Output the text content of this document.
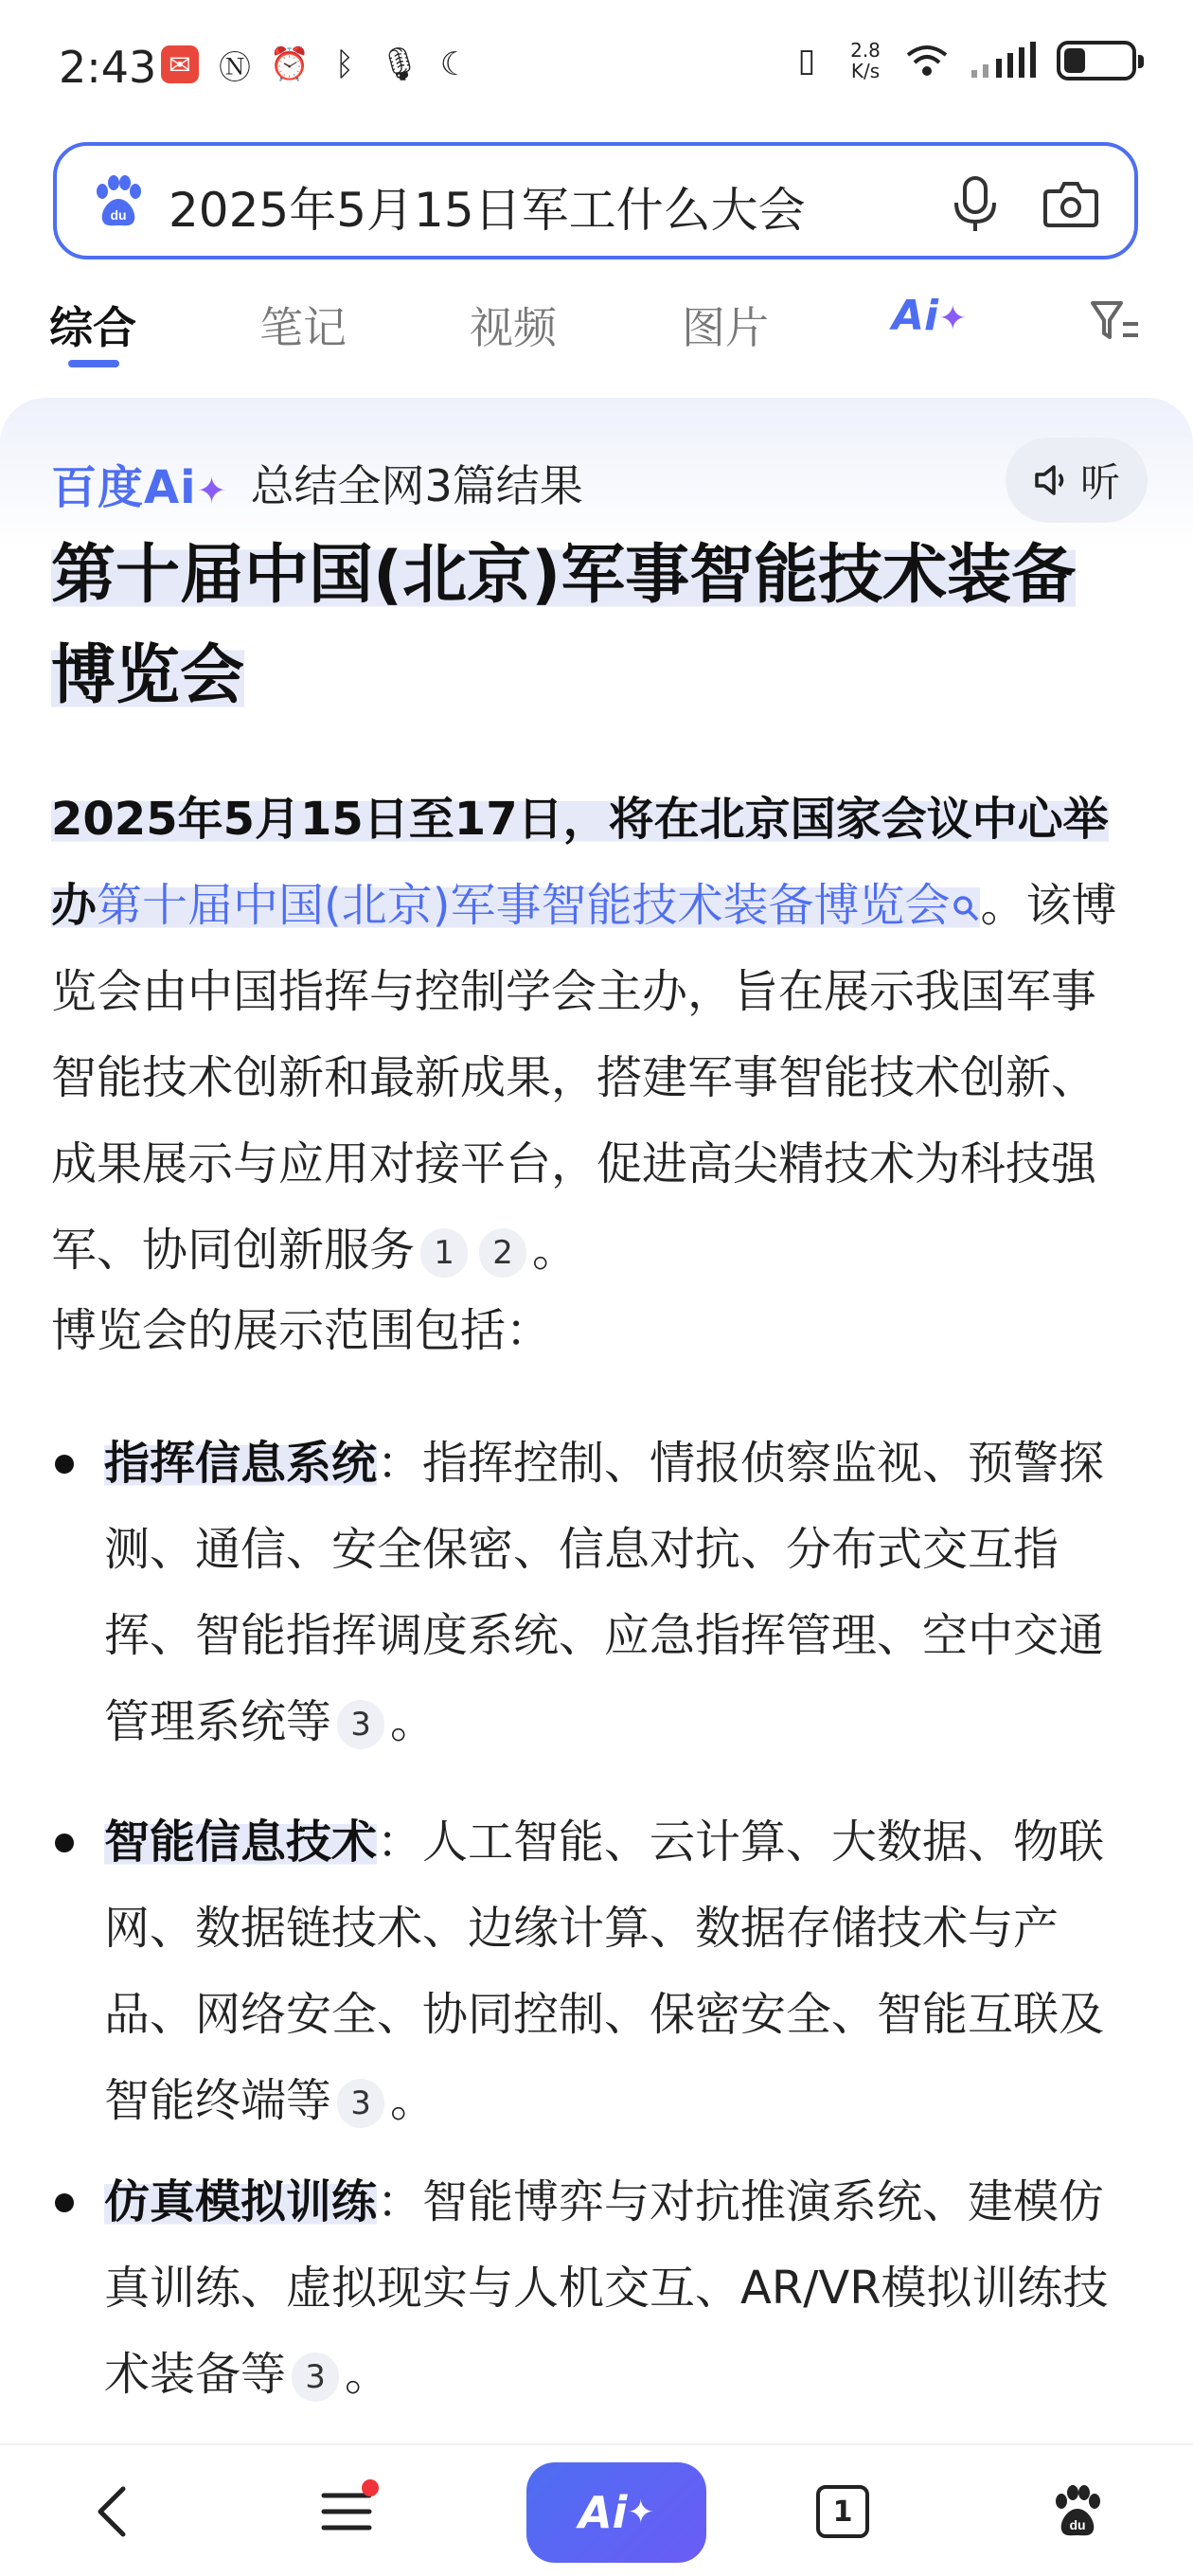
2:43 ✉ Ⓝ ⏰ ᛒ 🎙 ☾	▯	2.8
K/s
du 2025年5月15日军工什么大会
综合	笔记	视频	图片	Ai✦
百度Ai✦ 总结全网3篇结果	听
第十届中国(北京)军事智能技术装备博览会
2025年5月15日至17日，将在北京国家会议中心举办第十届中国(北京)军事智能技术装备博览会 。该博览会由中国指挥与控制学会主办，旨在展示我国军事智能技术创新和最新成果，搭建军事智能技术创新、成果展示与应用对接平台，促进高尖精技术为科技强军、协同创新服务 1 2 。
博览会的展示范围包括：
指挥信息系统：指挥控制、情报侦察监视、预警探测、通信、安全保密、信息对抗、分布式交互指挥、智能指挥调度系统、应急指挥管理、空中交通管理系统等 3 。
智能信息技术：人工智能、云计算、大数据、物联网、数据链技术、边缘计算、数据存储技术与产品、网络安全、协同控制、保密安全、智能互联及智能终端等 3 。
仿真模拟训练：智能博弈与对抗推演系统、建模仿真训练、虚拟现实与人机交互、AR/VR模拟训练技术装备等 3 。
Ai ✦	1	du
